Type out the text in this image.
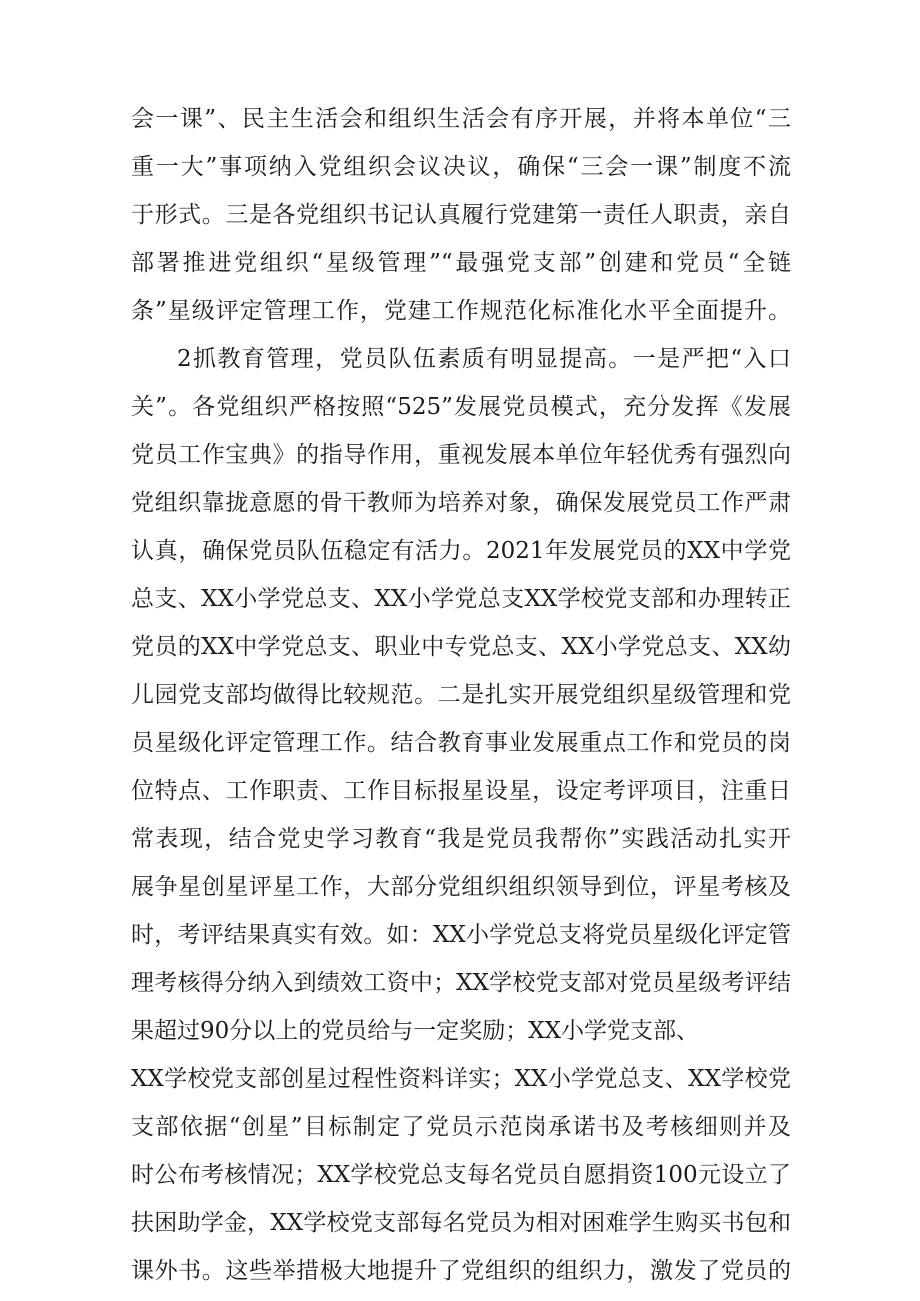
会一课”、民主生活会和组织生活会有序开展，并将本单位“三
重一大”事项纳入党组织会议决议，确保“三会一课”制度不流
于形式。三是各党组织书记认真履行党建第一责任人职责，亲自
部署推进党组织“星级管理”“最强党支部”创建和党员“全链
条”星级评定管理工作，党建工作规范化标准化水平全面提升。
2抓教育管理，党员队伍素质有明显提高。一是严把“入口
关”。各党组织严格按照“525”发展党员模式，充分发挥《发展
党员工作宝典》的指导作用，重视发展本单位年轻优秀有强烈向
党组织靠拢意愿的骨干教师为培养对象，确保发展党员工作严肃
认真，确保党员队伍稳定有活力。2021年发展党员的XX中学党
总支、XX小学党总支、XX小学党总支XX学校党支部和办理转正
党员的XX中学党总支、职业中专党总支、XX小学党总支、XX幼
儿园党支部均做得比较规范。二是扎实开展党组织星级管理和党
员星级化评定管理工作。结合教育事业发展重点工作和党员的岗
位特点、工作职责、工作目标报星设星，设定考评项目，注重日
常表现，结合党史学习教育“我是党员我帮你”实践活动扎实开
展争星创星评星工作，大部分党组织组织领导到位，评星考核及
时，考评结果真实有效。如：XX小学党总支将党员星级化评定管
理考核得分纳入到绩效工资中；XX学校党支部对党员星级考评结
果超过90分以上的党员给与一定奖励；XX小学党支部、
XX学校党支部创星过程性资料详实；XX小学党总支、XX学校党
支部依据“创星”目标制定了党员示范岗承诺书及考核细则并及
时公布考核情况；XX学校党总支每名党员自愿捐资100元设立了
扶困助学金，XX学校党支部每名党员为相对困难学生购买书包和
课外书。这些举措极大地提升了党组织的组织力，激发了党员的
